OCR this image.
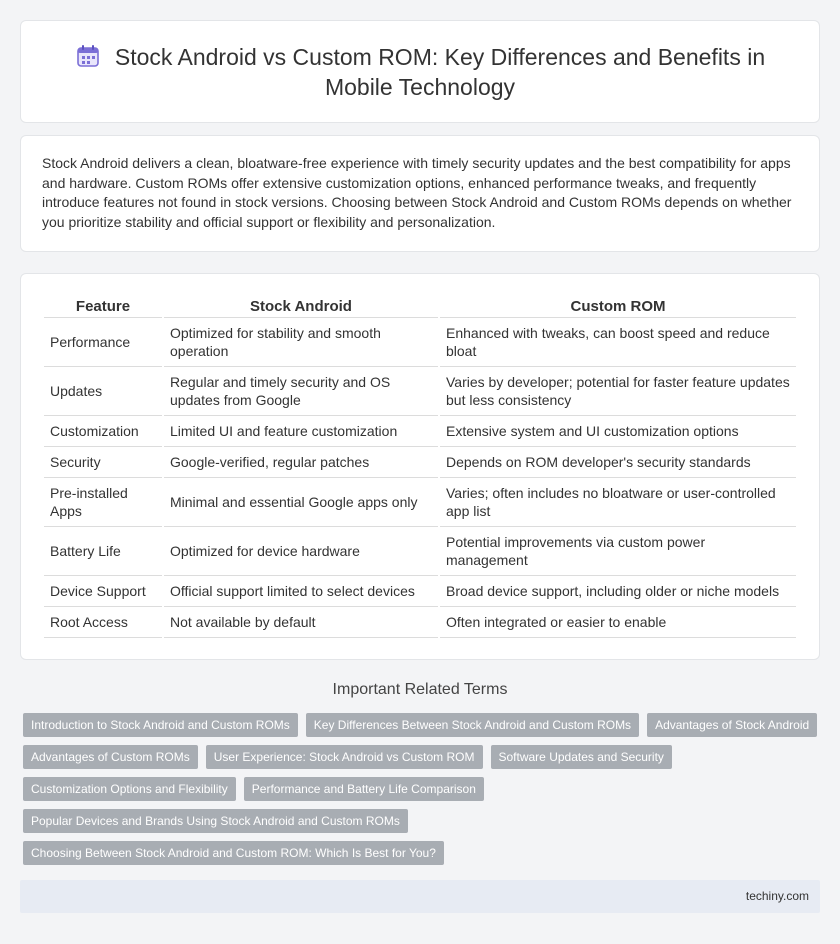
Stock Android vs Custom ROM: Key Differences and Benefits in Mobile Technology

Stock Android delivers a clean, bloatware-free experience with timely security updates and the best compatibility for apps and hardware. Custom ROMs offer extensive customization options, enhanced performance tweaks, and frequently introduce features not found in stock versions. Choosing between Stock Android and Custom ROMs depends on whether you prioritize stability and official support or flexibility and personalization.

Feature	Stock Android	Custom ROM
Performance	Optimized for stability and smooth operation	Enhanced with tweaks, can boost speed and reduce bloat
Updates	Regular and timely security and OS updates from Google	Varies by developer; potential for faster feature updates but less consistency
Customization	Limited UI and feature customization	Extensive system and UI customization options
Security	Google-verified, regular patches	Depends on ROM developer's security standards
Pre-installed Apps	Minimal and essential Google apps only	Varies; often includes no bloatware or user-controlled app list
Battery Life	Optimized for device hardware	Potential improvements via custom power management
Device Support	Official support limited to select devices	Broad device support, including older or niche models
Root Access	Not available by default	Often integrated or easier to enable
Important Related Terms
Introduction to Stock Android and Custom ROMs	Key Differences Between Stock Android and Custom ROMs	Advantages of Stock Android
Advantages of Custom ROMs	User Experience: Stock Android vs Custom ROM	Software Updates and Security
Customization Options and Flexibility	Performance and Battery Life Comparison
Popular Devices and Brands Using Stock Android and Custom ROMs
Choosing Between Stock Android and Custom ROM: Which Is Best for You?
techiny.com
